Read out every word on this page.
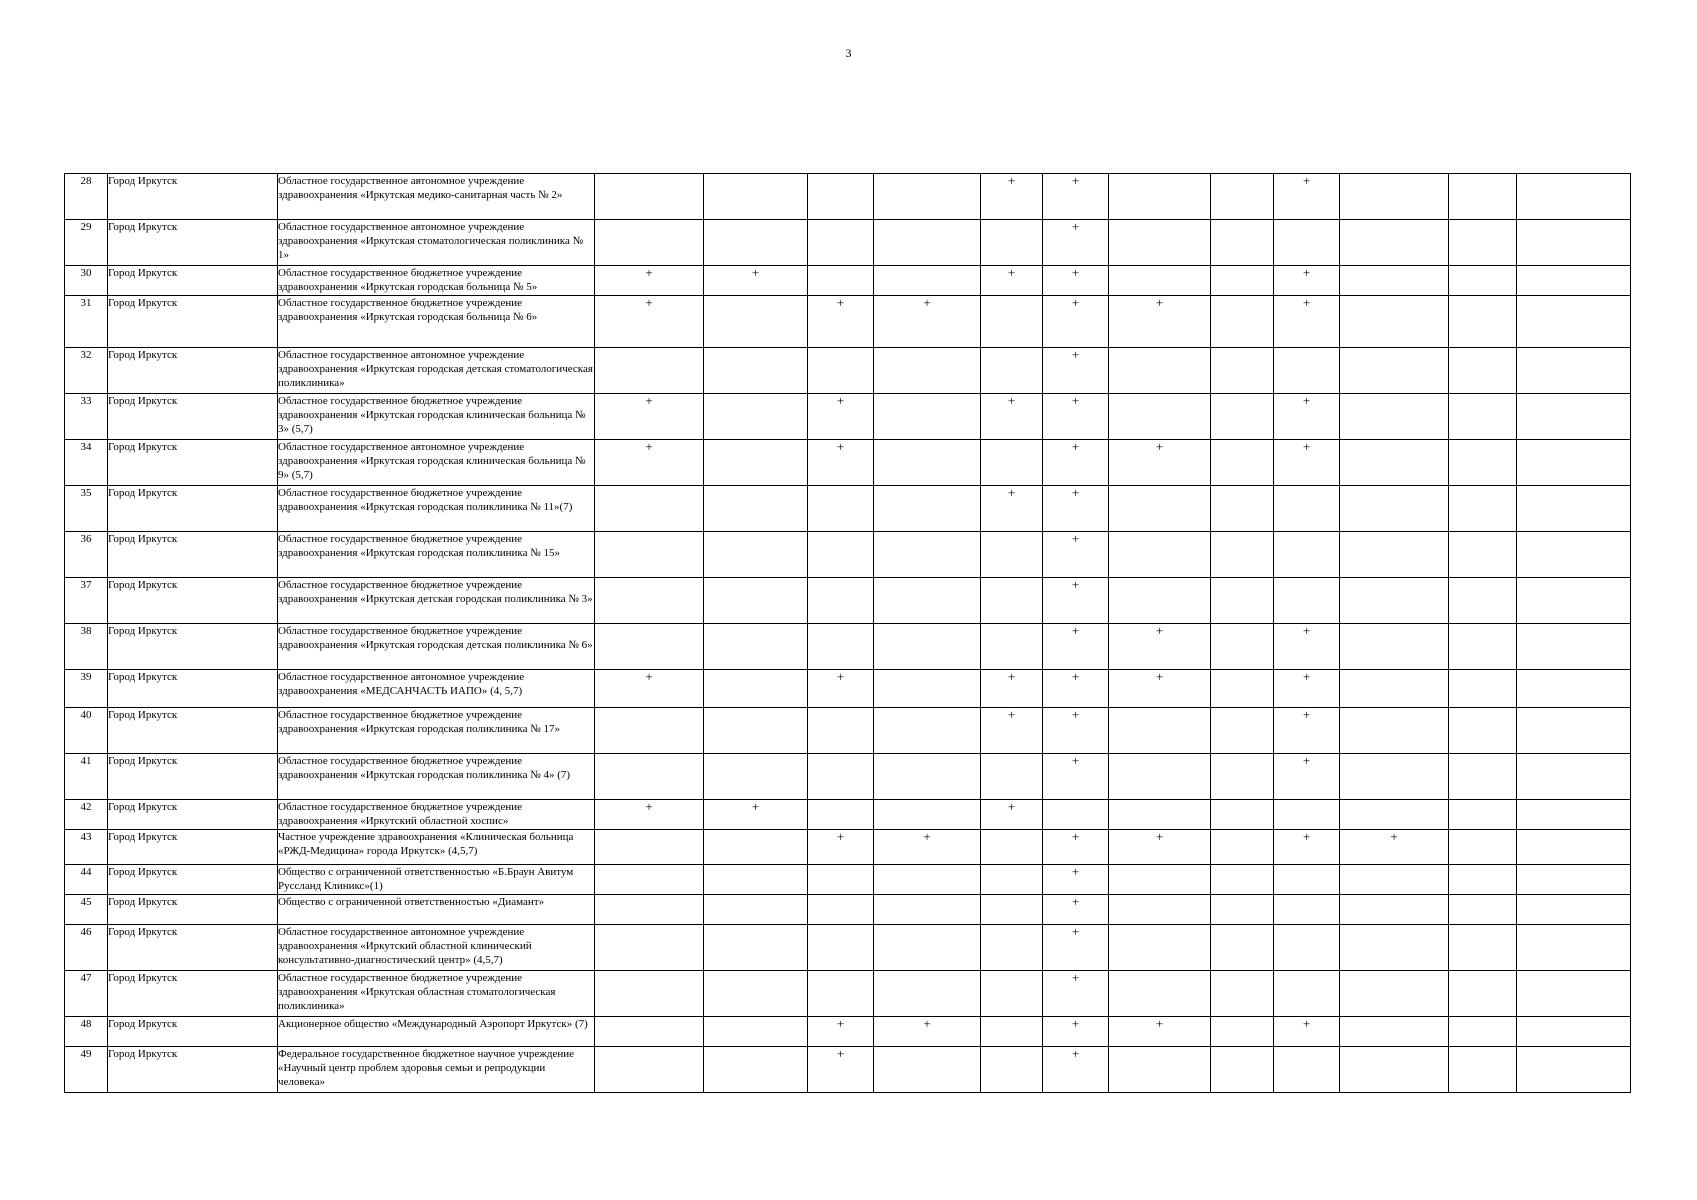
3
28	Город Иркутск	Областное государственное автономное учреждение здравоохранения «Иркутская медико-санитарная часть № 2»					+	+			+			
29	Город Иркутск	Областное государственное автономное учреждение здравоохранения «Иркутская стоматологическая поликлиника № 1»						+						
30	Город Иркутск	Областное государственное бюджетное учреждение здравоохранения «Иркутская городская больница № 5»	+	+			+	+			+			
31	Город Иркутск	Областное государственное бюджетное учреждение здравоохранения «Иркутская городская больница № 6»	+		+	+		+	+		+			
32	Город Иркутск	Областное государственное автономное учреждение здравоохранения «Иркутская городская детская стоматологическая поликлиника»						+						
33	Город Иркутск	Областное государственное бюджетное учреждение здравоохранения «Иркутская городская клиническая больница № 3» (5,7)	+		+		+	+			+			
34	Город Иркутск	Областное государственное автономное учреждение здравоохранения «Иркутская городская клиническая больница № 9» (5,7)	+		+			+	+		+			
35	Город Иркутск	Областное государственное бюджетное учреждение здравоохранения «Иркутская городская поликлиника № 11»(7)					+	+						
36	Город Иркутск	Областное государственное бюджетное учреждение здравоохранения «Иркутская городская поликлиника № 15»						+						
37	Город Иркутск	Областное государственное бюджетное учреждение здравоохранения «Иркутская детская городская поликлиника № 3»						+						
38	Город Иркутск	Областное государственное бюджетное учреждение здравоохранения «Иркутская городская детская поликлиника № 6»						+	+		+			
39	Город Иркутск	Областное государственное автономное учреждение здравоохранения «МЕДСАНЧАСТЬ ИАПО» (4, 5,7)	+		+		+	+	+		+			
40	Город Иркутск	Областное государственное бюджетное учреждение здравоохранения «Иркутская городская поликлиника № 17»					+	+			+			
41	Город Иркутск	Областное государственное бюджетное учреждение здравоохранения «Иркутская городская поликлиника № 4» (7)						+			+			
42	Город Иркутск	Областное государственное бюджетное учреждение здравоохранения «Иркутский областной хоспис»	+	+			+							
43	Город Иркутск	Частное учреждение здравоохранения «Клиническая больница «РЖД-Медицина» города Иркутск» (4,5,7)			+	+		+	+		+	+		
44	Город Иркутск	Общество с ограниченной ответственностью «Б.Браун Авитум Руссланд Клиникс»(1)						+						
45	Город Иркутск	Общество с ограниченной ответственностью «Диамант»						+						
46	Город Иркутск	Областное государственное автономное учреждение здравоохранения «Иркутский областной клинический консультативно-диагностический центр» (4,5,7)						+						
47	Город Иркутск	Областное государственное бюджетное учреждение здравоохранения «Иркутская областная стоматологическая поликлиника»						+						
48	Город Иркутск	Акционерное общество «Международный Аэропорт Иркутск» (7)			+	+		+	+		+			
49	Город Иркутск	Федеральное государственное бюджетное научное учреждение «Научный центр проблем здоровья семьи и репродукции человека»			+			+						
